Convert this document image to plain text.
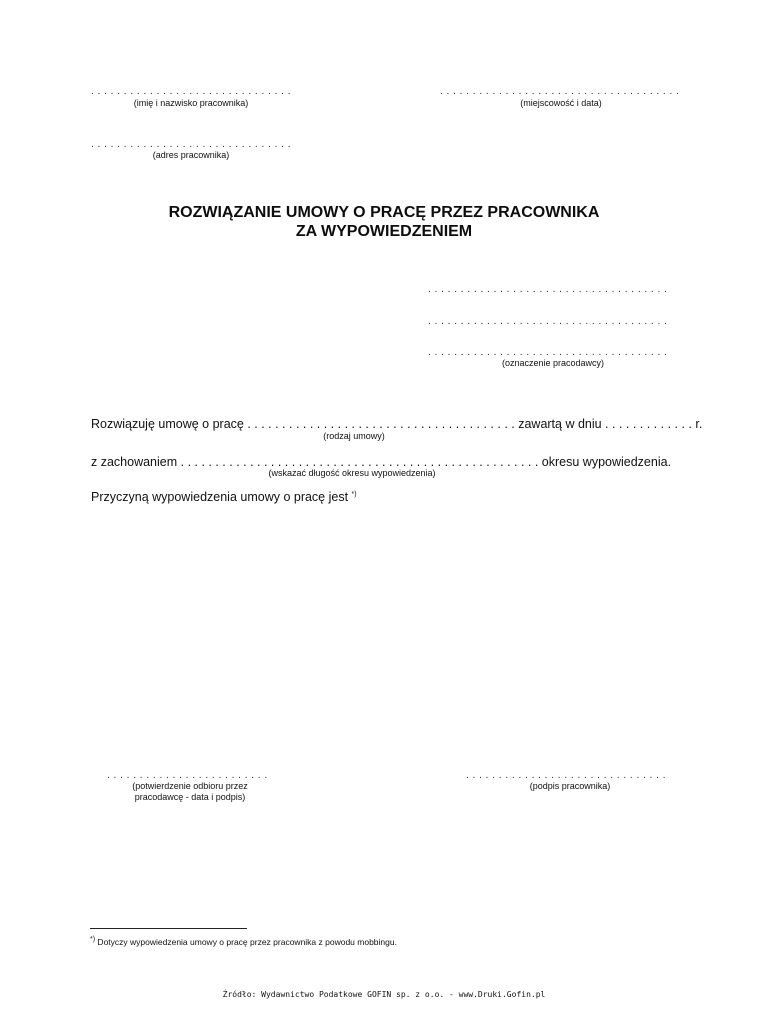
. . . . . . . . . . . . . . . . . . . . . . . . . . . . . . .
(imię i nazwisko pracownika)
. . . . . . . . . . . . . . . . . . . . . . . . . . . . . . . . . . . . .
(miejscowość i data)
. . . . . . . . . . . . . . . . . . . . . . . . . . . . . . .
(adres pracownika)
ROZWIĄZANIE UMOWY O PRACĘ PRZEZ PRACOWNIKA
ZA WYPOWIEDZENIEM
. . . . . . . . . . . . . . . . . . . . . . . . . . . . . . . . . . . . .
. . . . . . . . . . . . . . . . . . . . . . . . . . . . . . . . . . . . .
. . . . . . . . . . . . . . . . . . . . . . . . . . . . . . . . . . . . .
(oznaczenie pracodawcy)
Rozwiązuję umowę o pracę . . . . . . . . . . . . . . . . . . . . . . . . . . . . . . . . . . . . . . . zawartą w dniu . . . . . . . . . . . . . r.
(rodzaj umowy)
z zachowaniem . . . . . . . . . . . . . . . . . . . . . . . . . . . . . . . . . . . . . . . . . . . . . . . . . . . . okresu wypowiedzenia.
(wskazać długość okresu wypowiedzenia)
Przyczyną wypowiedzenia umowy o pracę jest *)
. . . . . . . . . . . . . . . . . . . . . . . . .
(potwierdzenie odbioru przez
pracodawcę - data i podpis)
. . . . . . . . . . . . . . . . . . . . . . . . . . . . . . .
(podpis pracownika)
*) Dotyczy wypowiedzenia umowy o pracę przez pracownika z powodu mobbingu.
Źródło: Wydawnictwo Podatkowe GOFIN sp. z o.o. - www.Druki.Gofin.pl
